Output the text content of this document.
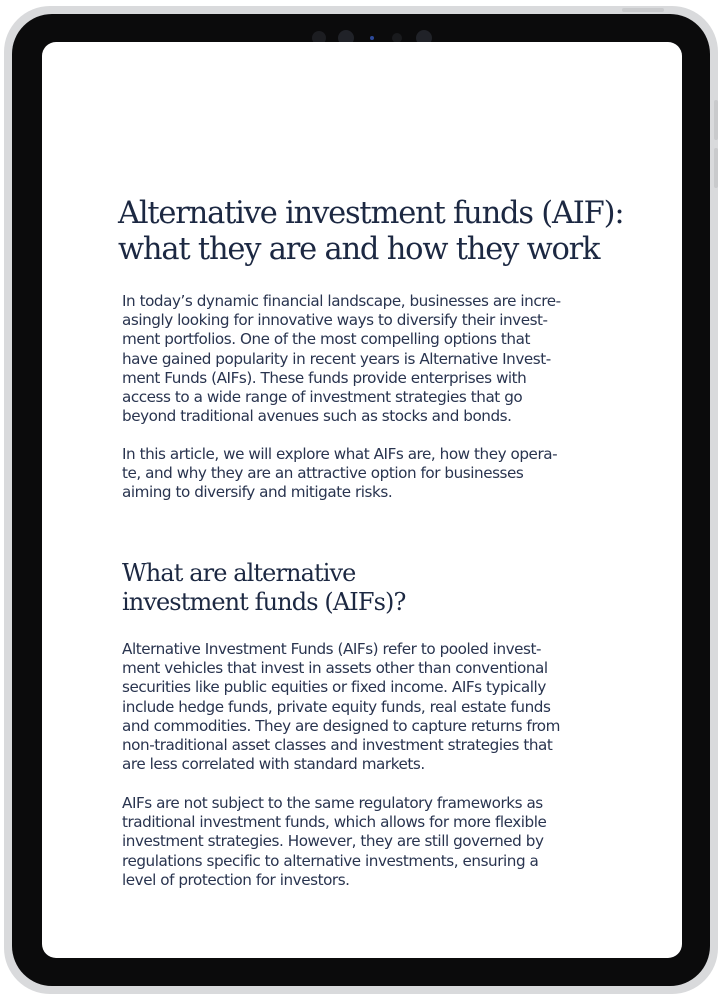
Alternative investment funds (AIF):
what they are and how they work

In today’s dynamic financial landscape, businesses are incre-
asingly looking for innovative ways to diversify their invest-
ment portfolios. One of the most compelling options that
have gained popularity in recent years is Alternative Invest-
ment Funds (AIFs). These funds provide enterprises with
access to a wide range of investment strategies that go
beyond traditional avenues such as stocks and bonds.

In this article, we will explore what AIFs are, how they opera-
te, and why they are an attractive option for businesses
aiming to diversify and mitigate risks.

What are alternative
investment funds (AIFs)?

Alternative Investment Funds (AIFs) refer to pooled invest-
ment vehicles that invest in assets other than conventional
securities like public equities or fixed income. AIFs typically
include hedge funds, private equity funds, real estate funds
and commodities. They are designed to capture returns from
non-traditional asset classes and investment strategies that
are less correlated with standard markets.

AIFs are not subject to the same regulatory frameworks as
traditional investment funds, which allows for more flexible
investment strategies. However, they are still governed by
regulations specific to alternative investments, ensuring a
level of protection for investors.
